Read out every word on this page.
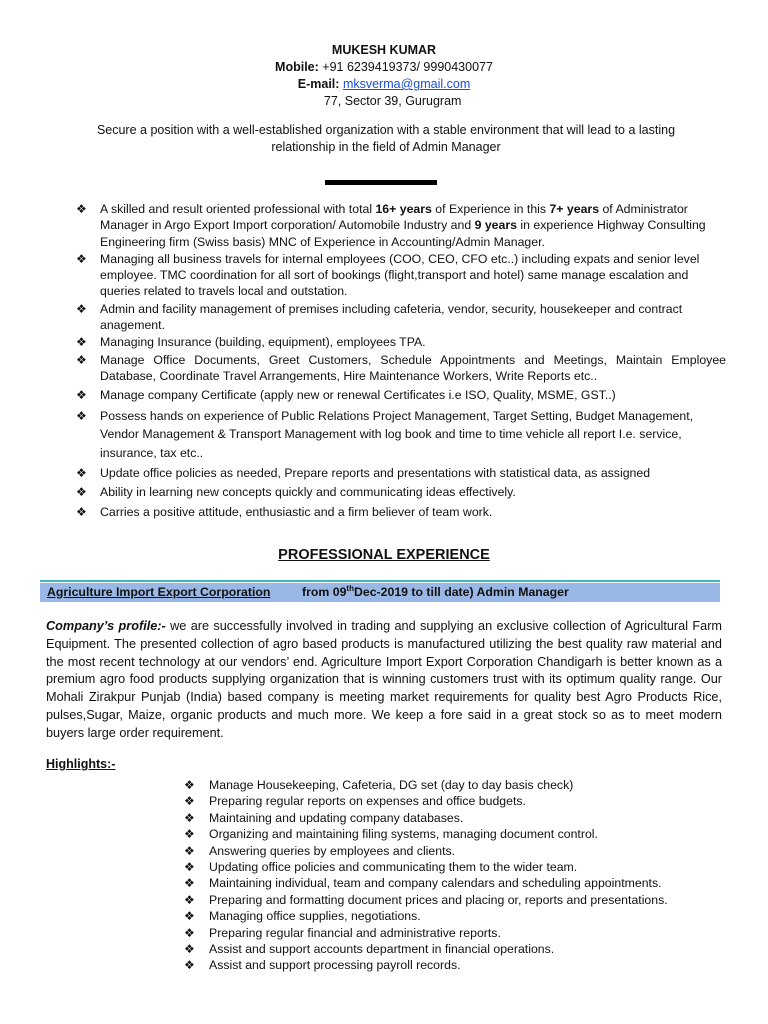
MUKESH KUMAR
Mobile: +91 6239419373/ 9990430077
E-mail: mksverma@gmail.com
77, Sector 39, Gurugram
Secure a position with a well-established organization with a stable environment that will lead to a lasting relationship in the field of Admin Manager
❖ A skilled and result oriented professional with total 16+ years of Experience in this 7+ years of Administrator Manager in Argo Export Import corporation/ Automobile Industry and 9 years in experience Highway Consulting Engineering firm (Swiss basis) MNC of Experience in Accounting/Admin Manager.
❖ Managing all business travels for internal employees (COO, CEO, CFO etc..) including expats and senior level employee. TMC coordination for all sort of bookings (flight,transport and hotel) same manage escalation and queries related to travels local and outstation.
❖ Admin and facility management of premises including cafeteria, vendor, security, housekeeper and contract anagement.
❖ Managing Insurance (building, equipment), employees TPA.
❖ Manage Office Documents, Greet Customers, Schedule Appointments and Meetings, Maintain Employee Database, Coordinate Travel Arrangements, Hire Maintenance Workers, Write Reports etc..
❖ Manage company Certificate (apply new or renewal Certificates i.e ISO, Quality, MSME, GST..)
❖ Possess hands on experience of Public Relations Project Management, Target Setting, Budget Management, Vendor Management & Transport Management with log book and time to time vehicle all report I.e. service, insurance, tax etc..
❖ Update office policies as needed, Prepare reports and presentations with statistical data, as assigned
❖ Ability in learning new concepts quickly and communicating ideas effectively.
❖ Carries a positive attitude, enthusiastic and a firm believer of team work.
PROFESSIONAL EXPERIENCE
Agriculture Import Export Corporation	from 09thDec-2019 to till date) Admin Manager
Company’s profile:- we are successfully involved in trading and supplying an exclusive collection of Agricultural Farm Equipment. The presented collection of agro based products is manufactured utilizing the best quality raw material and the most recent technology at our vendors’ end. Agriculture Import Export Corporation Chandigarh is better known as a premium agro food products supplying organization that is winning customers trust with its optimum quality range. Our Mohali Zirakpur Punjab (India) based company is meeting market requirements for quality best Agro Products Rice, pulses,Sugar, Maize, organic products and much more. We keep a fore said in a great stock so as to meet modern buyers large order requirement.
Highlights:-
❖ Manage Housekeeping, Cafeteria, DG set (day to day basis check)
❖ Preparing regular reports on expenses and office budgets.
❖ Maintaining and updating company databases.
❖ Organizing and maintaining filing systems, managing document control.
❖ Answering queries by employees and clients.
❖ Updating office policies and communicating them to the wider team.
❖ Maintaining individual, team and company calendars and scheduling appointments.
❖ Preparing and formatting document prices and placing or, reports and presentations.
❖ Managing office supplies, negotiations.
❖ Preparing regular financial and administrative reports.
❖ Assist and support accounts department in financial operations.
❖ Assist and support processing payroll records.
